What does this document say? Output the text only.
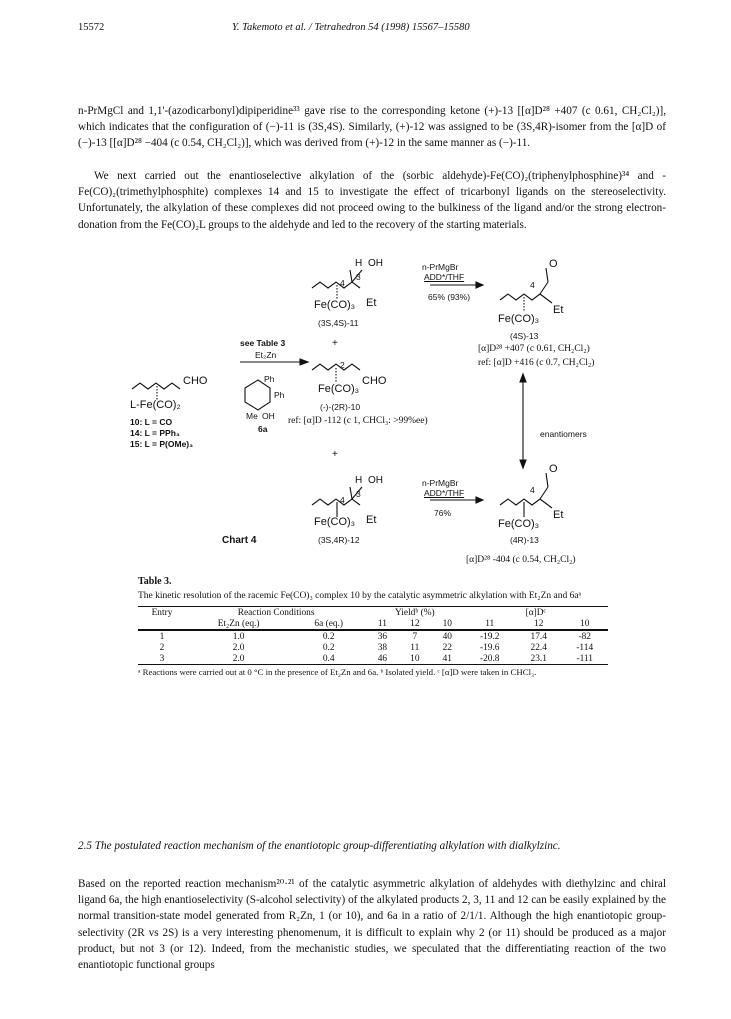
15572	Y. Takemoto et al. / Tetrahedron 54 (1998) 15567–15580

n-PrMgCl and 1,1'-(azodicarbonyl)dipiperidine³³ gave rise to the corresponding ketone (+)-13 [[α]D²⁸ +407 (c 0.61, CH₂Cl₂)], which indicates that the configuration of (−)-11 is (3S,4S). Similarly, (+)-12 was assigned to be (3S,4R)-isomer from the [α]D of (−)-13 [[α]D²⁸ −404 (c 0.54, CH₂Cl₂)], which was derived from (+)-12 in the same manner as (−)-11.

We next carried out the enantioselective alkylation of the (sorbic aldehyde)-Fe(CO)₂(triphenylphosphine)³⁴ and -Fe(CO)₂(trimethylphosphite) complexes 14 and 15 to investigate the effect of tricarbonyl ligands on the stereoselectivity. Unfortunately, the alkylation of these complexes did not proceed owing to the bulkiness of the ligand and/or the strong electron-donation from the Fe(CO)₂L groups to the aldehyde and led to the recovery of the starting materials.

H OH
4
3
Fe(CO)₃ Et
(3S,4S)-11
n-PrMgBr
ADD*/THF
65% (93%)
O
4
Fe(CO)₃
Et
(4S)-13
[α]D²⁸ +407 (c 0.61, CH₂Cl₂)
ref: [α]D +416 (c 0.7, CH₂Cl₂)
+
see Table 3
Et₂Zn
CHO
L-Fe(CO)₂
10: L = CO
14: L = PPh₃
15: L = P(OMe)₃
Ph
Ph
Me OH
6a
2
CHO
Fe(CO)₃
(-)-(2R)-10
ref: [α]D -112 (c 1, CHCl₃: >99%ee)
+
enantiomers
H OH
4
3
Fe(CO)₃ Et
(3S,4R)-12
Chart 4
n-PrMgBr
ADD*/THF
76%
O
4
Fe(CO)₃
Et
(4R)-13
[α]D²⁸ -404 (c 0.54, CH₂Cl₂)
Table 3.
The kinetic resolution of the racemic Fe(CO)₃ complex 10 by the catalytic asymmetric alkylation with Et₂Zn and 6aᵃ
Entry	Reaction Conditions		Yieldᵇ (%)			[α]Dᶜ		
	Et₂Zn (eq.)	6a (eq.)	11	12	10	11	12	10
1	1.0	0.2	36	7	40	-19.2	17.4	-82
2	2.0	0.2	38	11	22	-19.6	22.4	-114
3	2.0	0.4	46	10	41	-20.8	23.1	-111
ᵃ Reactions were carried out at 0 °C in the presence of Et₂Zn and 6a. ᵇ Isolated yield. ᶜ [α]D were taken in CHCl₃.
2.5 The postulated reaction mechanism of the enantiotopic group-differentiating alkylation with dialkylzinc.

Based on the reported reaction mechanism²⁰·²¹ of the catalytic asymmetric alkylation of aldehydes with diethylzinc and chiral ligand 6a, the high enantioselectivity (S-alcohol selectivity) of the alkylated products 2, 3, 11 and 12 can be easily explained by the normal transition-state model generated from R₂Zn, 1 (or 10), and 6a in a ratio of 2/1/1. Although the high enantiotopic group-selectivity (2R vs 2S) is a very interesting phenomenum, it is difficult to explain why 2 (or 11) should be produced as a major product, but not 3 (or 12). Indeed, from the mechanistic studies, we speculated that the differentiating reaction of the two enantiotopic functional groups
